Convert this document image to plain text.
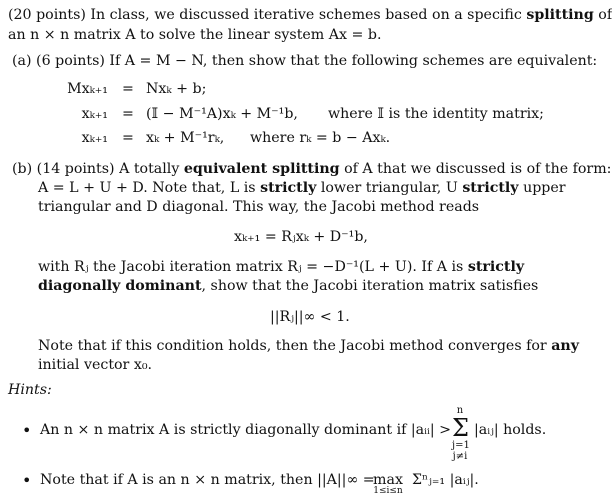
(20 points) In class, we discussed iterative schemes based on a specific splitting of
an n × n matrix A to solve the linear system Ax = b.
(a) (6 points) If A = M − N, then show that the following schemes are equivalent:
Mxₖ₊₁ = Nxₖ + b;
xₖ₊₁ = (𝕀 − M⁻¹A)xₖ + M⁻¹b, where 𝕀 is the identity matrix;
xₖ₊₁ = xₖ + M⁻¹rₖ, where rₖ = b − Axₖ.
(b) (14 points) A totally equivalent splitting of A that we discussed is of the form:
A = L + U + D. Note that, L is strictly lower triangular, U strictly upper
triangular and D diagonal. This way, the Jacobi method reads
xₖ₊₁ = Rⱼxₖ + D⁻¹b,
with Rⱼ the Jacobi iteration matrix Rⱼ = −D⁻¹(L + U). If A is strictly
diagonally dominant, show that the Jacobi iteration matrix satisfies
||Rⱼ||∞ < 1.
Note that if this condition holds, then the Jacobi method converges for any
initial vector x₀.
Hints:
• An n × n matrix A is strictly diagonally dominant if |aᵢᵢ| >
n
Σ
j=1
j≠i
|aᵢⱼ| holds.
• Note that if A is an n × n matrix, then ||A||∞ =
max
1≤i≤n
Σⁿⱼ₌₁ |aᵢⱼ|.
